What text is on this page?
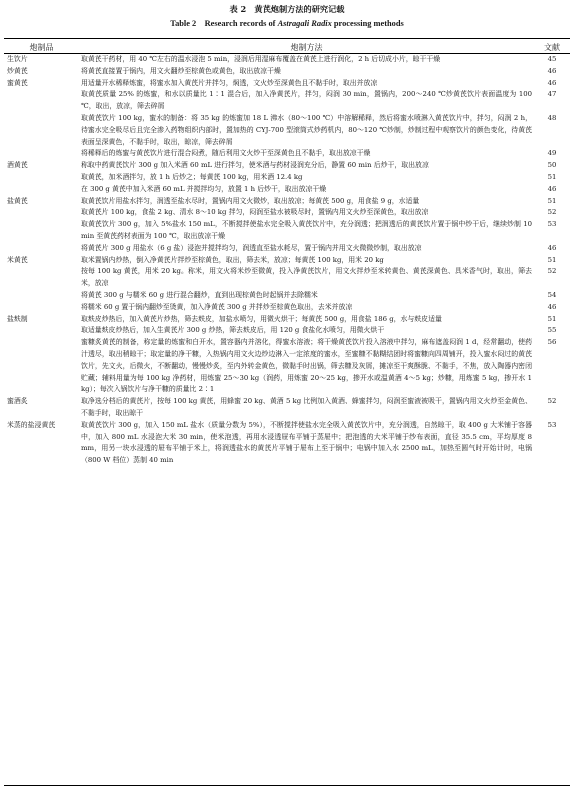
表 2　黄芪炮制方法的研究记载
Table 2　Research records of Astragali Radix processing methods
炮制品	炮制方法	文献
生饮片	取黄芪干药材，用 40 ℃左右的温水浸泡 5 min，浸润后用湿麻布覆盖在黄芪上进行润化，2 h 后切成小片，晾干干燥	45
炒黄芪	将黄芪直接置于锅内，用文火翻炒至棕黄色或黄色，取出放凉干燥	46
蜜黄芪	用适量开水稀释炼蜜，将蜜水加入黄芪片并拌匀，焖透，文火炒至深黄色且不黏手时，取出并放凉	46
	取黄芪质量 25% 的炼蜜，和水以质量比 1∶1 混合后，加入净黄芪片，拌匀，闷润 30 min，置锅内，200～240 ℃炒黄芪饮片表面温度为 100 ℃，取出，放凉，筛去碎屑	47
	取黄芪饮片 100 kg，蜜水的制备：将 35 kg 的炼蜜加 18 L 沸水（80～100 ℃）中溶解稀释，然后将蜜水喷淋入黄芪饮片中，拌匀，闷润 2 h，待蜜水完全吸尽后且完全渗入药物组织内部时，置加热的 CYJ-700 型滚筒式炒药机内，80～120 ℃炒制，炒制过程中观察饮片的颜色变化，待黄芪表面呈深黄色，不黏手时，取出，晾凉，筛去碎屑	48
	将稀释后的炼蜜与黄芪饮片进行混合闷煮，随后利用文火炒干至深黄色且不黏手，取出放凉干燥	49
酒黄芪	称取中药黄芪饮片 300 g 加入米酒 60 mL 进行拌匀，使米酒与药材浸润充分后，静置 60 min 后炒干，取出放凉	50
	取黄芪，加米酒拌匀，放 1 h 后炒之；每黄芪 100 kg，用米酒 12.4 kg	51
	在 300 g 黄芪中加入米酒 60 mL 并搅拌均匀，放置 1 h 后炒干，取出放凉干燥	46
盐黄芪	取黄芪饮片用盐水拌匀，润透至盐水尽时，置锅内用文火微炒，取出放凉；每黄芪 500 g，用食盐 9 g，水适量	51
	取黄芪片 100 kg，食盐 2 kg、清水 8～10 kg 拌匀，闷润至盐水被吸尽时，置锅内用文火炒至深黄色，取出放凉	52
	取黄芪饮片 300 g，加入 5%盐水 150 mL，不断搅拌使盐水完全吸入黄芪饮片中，充分润透；把润透后的黄芪饮片置于锅中炒干后，继续炒制 10 min 至黄芪药材表面为 100 ℃，取出放凉干燥	53
	将黄芪片 300 g 用盐水（6 g 盐）浸泡并搅拌均匀，润透直至盐水耗尽，置于锅内并用文火微微炒制，取出放凉	46
米黄芪	取米置锅内炒热，倒入净黄芪片拌炒至棕黄色，取出，筛去米，放凉；每黄芪 100 kg，用米 20 kg	51
	按每 100 kg 黄芪，用米 20 kg。称米，用文火将米炒至微黄，投入净黄芪饮片，用文火拌炒至米转黄色、黄芪深黄色、具米香气时，取出，筛去米，放凉	52
	将黄芪 300 g 与糯米 60 g 进行混合翻炒，直到出现棕黄色时起锅并去除糯米	54
	将糯米 60 g 置于锅内翻炒至烫黄，加入净黄芪 300 g 并拌炒至棕黄色取出，去米并放凉	46
盐麸制	取麸皮炒热后，加入黄芪片炒热，筛去麸皮，加盐水喷匀，用微火烘干；每黄芪 500 g，用食盐 186 g，水与麸皮适量	51
	取适量麸皮炒热后，加入生黄芪片 300 g 炒热，筛去麸皮后，用 120 g 食盐化水喷匀，用微火烘干	55
	蜜糠炙黄芪的制备，称定量的炼蜜和白开水，置容器内并溶化，得蜜水溶液；将干燥黄芪饮片投入溶液中拌匀，麻布遮盖闷润 1 d，经常翻动，使药汁透尽，取出稍晾干；取定量的净干糠，入热锅内用文火边炒边淋入一定浓度的蜜水，至蜜糠不黏糊结团时将蜜糠向四周铺开，投入蜜水闷过的黄芪饮片，先文火，后微火，不断翻动，慢慢炒炙，至内外转金黄色，微黏手时出锅，筛去糠及灰屑，摊凉至干爽酥脆、不黏手，不焦，放入陶器内密闭贮藏；辅料用量为每 100 kg 净药材，用炼蜜 25～30 kg（润药，用炼蜜 20～25 kg，掺开水或温黄酒 4～5 kg；炒糠，用炼蜜 5 kg，掺开水 1 kg）；每次入锅饮片与净干糠的质量比 2∶1	56
蜜酒炙	取净选分档后的黄芪片，按每 100 kg 黄芪，用蜂蜜 20 kg、黄酒 5 kg 比例加入黄酒、蜂蜜拌匀，闷润至蜜液被吸干，置锅内用文火炒至金黄色、不黏手时，取出晾干	52
米蒸的盐浸黄芪	取黄芪饮片 300 g，加入 150 mL 盐水（质量分数为 5%），不断搅拌使盐水完全吸入黄芪饮片中，充分润透，自然晾干，取 400 g 大米铺于容器中，加入 800 mL 水浸泡大米 30 min，使米泡透，再用水浸透屉布平铺于蒸屉中；把泡透的大米平铺于纱布表面，直径 35.5 cm，平均厚度 8 mm，用另一块水浸透的屉布平铺于米上，将润透盐水的黄芪片平铺于屉布上至于锅中；电锅中加入水 2500 mL，加热至圆气时开始计时，电锅（800 W 档位）蒸制 40 min	53
